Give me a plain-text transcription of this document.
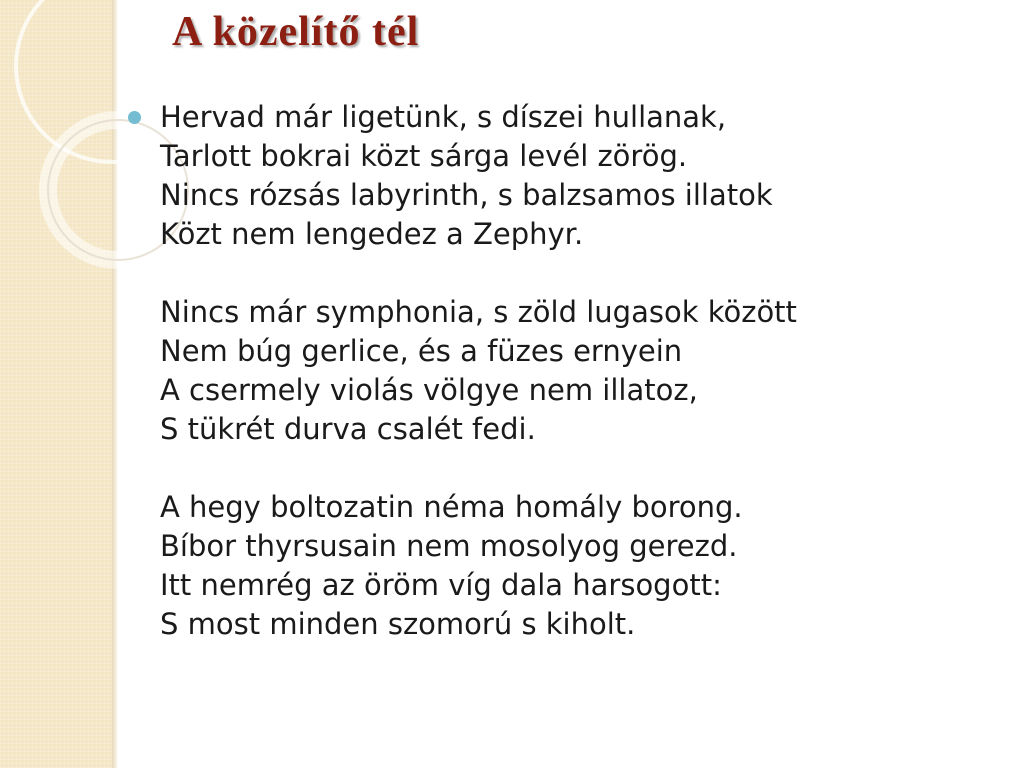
A közelítő tél
Hervad már ligetünk, s díszei hullanak,
Tarlott bokrai közt sárga levél zörög.
Nincs rózsás labyrinth, s balzsamos illatok
Közt nem lengedez a Zephyr.
Nincs már symphonia, s zöld lugasok között
Nem búg gerlice, és a füzes ernyein
A csermely violás völgye nem illatoz,
S tükrét durva csalét fedi.
A hegy boltozatin néma homály borong.
Bíbor thyrsusain nem mosolyog gerezd.
Itt nemrég az öröm víg dala harsogott:
S most minden szomorú s kiholt.
